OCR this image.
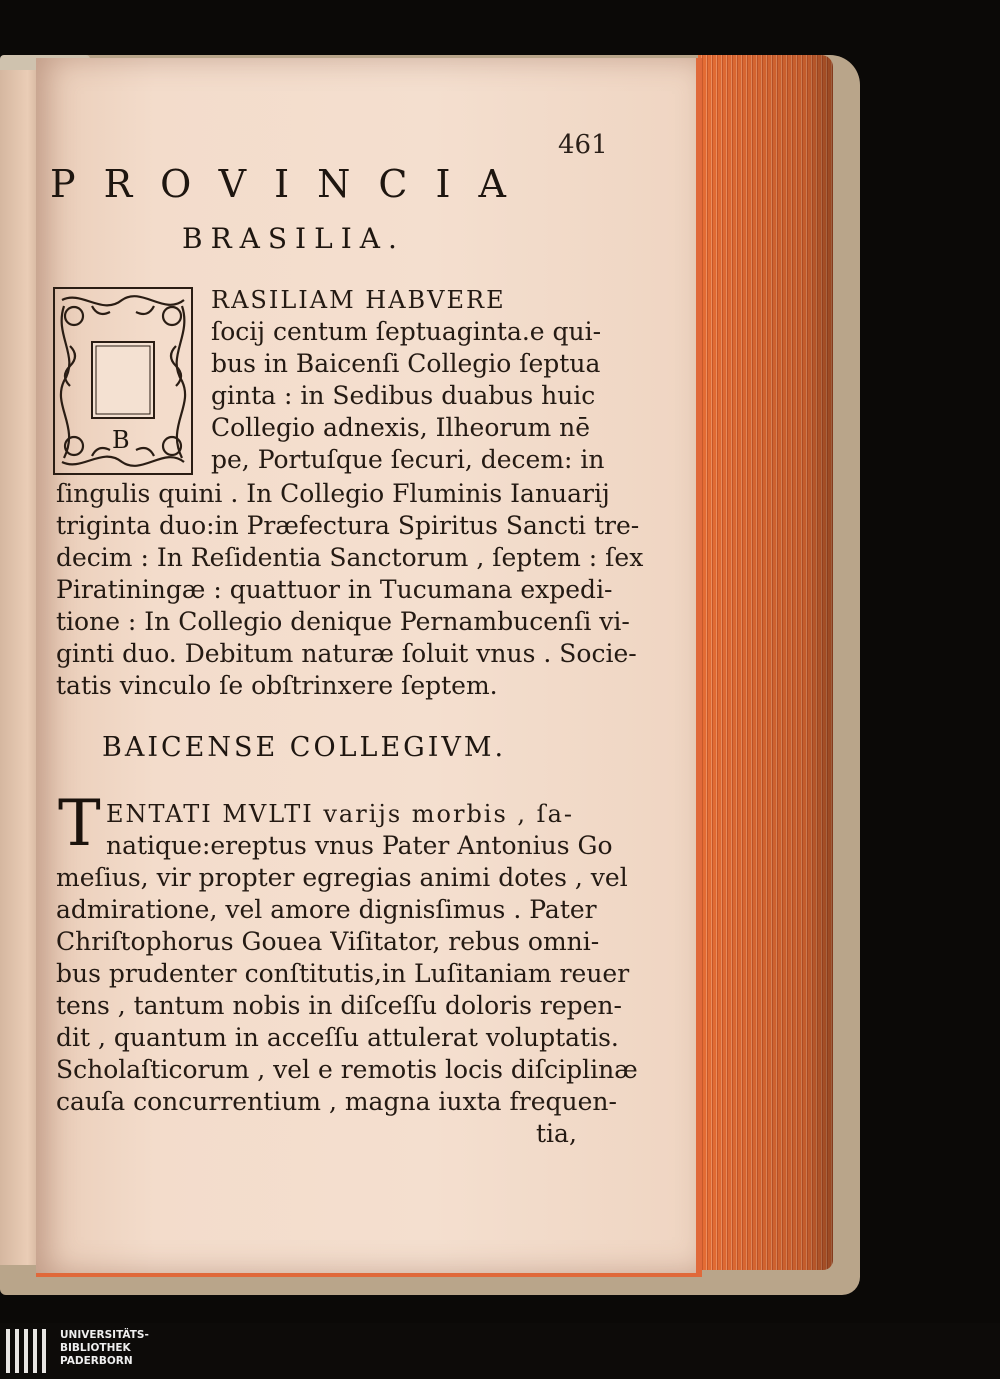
461
PROVINCIA
BRASILIA.
B
RASILIAM HABVERE
ſocij centum ſeptuaginta.e qui-
bus in Baicenſi Collegio ſeptua
ginta : in Sedibus duabus huic
Collegio adnexis, Ilheorum nē
pe, Portuſque ſecuri, decem: in
ſingulis quini . In Collegio Fluminis Ianuarij
triginta duo:in Præfectura Spiritus Sancti tre-
decim : In Reſidentia Sanctorum , ſeptem : ſex
Piratiningæ : quattuor in Tucumana expedi-
tione : In Collegio denique Pernambucenſi vi-
ginti duo. Debitum naturæ ſoluit vnus . Socie-
tatis vinculo ſe obſtrinxere ſeptem.
BAICENSE COLLEGIVM.
T ENTATI MVLTI varijs morbis , ſa-
natique:ereptus vnus Pater Antonius Go
meſius, vir propter egregias animi dotes , vel
admiratione, vel amore dignisſimus . Pater
Chriſtophorus Gouea Viſitator, rebus omni-
bus prudenter conſtitutis,in Luſitaniam reuer
tens , tantum nobis in diſceſſu doloris repen-
dit , quantum in acceſſu attulerat voluptatis.
Scholaſticorum , vel e remotis locis diſciplinæ
cauſa concurrentium , magna iuxta frequen-
tia,
UNIVERSITÄTS-
BIBLIOTHEK
PADERBORN
